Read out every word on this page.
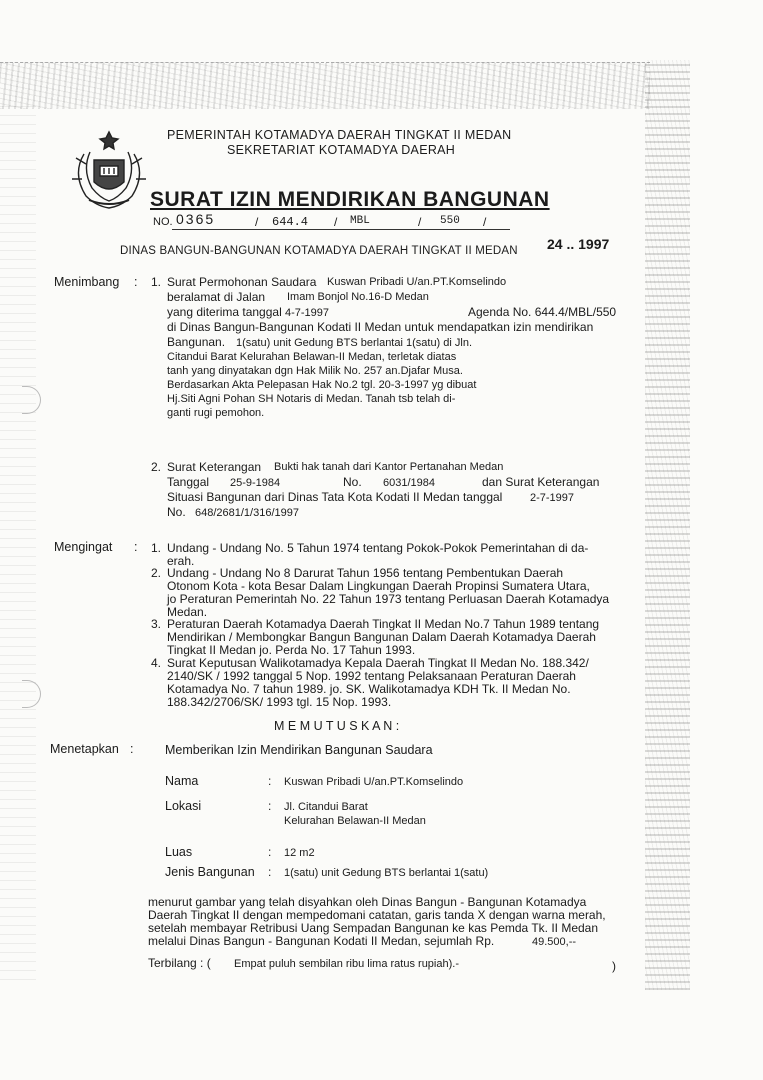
PEMERINTAH KOTAMADYA DAERAH TINGKAT II MEDAN
SEKRETARIAT KOTAMADYA DAERAH
SURAT IZIN MENDIRIKAN BANGUNAN
NO. 0365	/ 644.4 / MBL	/ 550 /
DINAS BANGUN-BANGUNAN KOTAMADYA DAERAH TINGKAT II MEDAN 24 .. 1997
Menimbang : 1. Surat Permohonan Saudara Kuswan Pribadi U/an.PT.Komselindo
beralamat di Jalan Imam Bonjol No.16-D Medan
yang diterima tanggal 4-7-1997	Agenda No. 644.4/MBL/550
di Dinas Bangun-Bangunan Kodati II Medan untuk mendapatkan izin mendirikan
Bangunan. 1(satu) unit Gedung BTS berlantai 1(satu) di Jln.
Citandui Barat Kelurahan Belawan-II Medan, terletak diatas
tanh yang dinyatakan dgn Hak Milik No. 257 an.Djafar Musa.
Berdasarkan Akta Pelepasan Hak No.2 tgl. 20-3-1997 yg dibuat
Hj.Siti Agni Pohan SH Notaris di Medan. Tanah tsb telah di-
ganti rugi pemohon.
2. Surat Keterangan Bukti hak tanah dari Kantor Pertanahan Medan
Tanggal 25-9-1984	No. 6031/1984	dan Surat Keterangan
Situasi Bangunan dari Dinas Tata Kota Kodati II Medan tanggal	2-7-1997
No. 648/2681/1/316/1997
Mengingat : 1. Undang - Undang No. 5 Tahun 1974 tentang Pokok-Pokok Pemerintahan di da-
erah.
2. Undang - Undang No 8 Darurat Tahun 1956 tentang Pembentukan Daerah
Otonom Kota - kota Besar Dalam Lingkungan Daerah Propinsi Sumatera Utara,
jo Peraturan Pemerintah No. 22 Tahun 1973 tentang Perluasan Daerah Kotamadya
Medan.
3. Peraturan Daerah Kotamadya Daerah Tingkat II Medan No.7 Tahun 1989 tentang
Mendirikan / Membongkar Bangun Bangunan Dalam Daerah Kotamadya Daerah
Tingkat II Medan jo. Perda No. 17 Tahun 1993.
4. Surat Keputusan Walikotamadya Kepala Daerah Tingkat II Medan No. 188.342/
2140/SK / 1992 tanggal 5 Nop. 1992 tentang Pelaksanaan Peraturan Daerah
Kotamadya No. 7 tahun 1989. jo. SK. Walikotamadya KDH Tk. II Medan No.
188.342/2706/SK/ 1993 tgl. 15 Nop. 1993.
M E M U T U S K A N :
Menetapkan :	Memberikan Izin Mendirikan Bangunan Saudara
Nama	: Kuswan Pribadi U/an.PT.Komselindo
Lokasi	: Jl. Citandui Barat
Kelurahan Belawan-II Medan
Luas	: 12 m2
Jenis Bangunan : 1(satu) unit Gedung BTS berlantai 1(satu)
menurut gambar yang telah disyahkan oleh Dinas Bangun - Bangunan Kotamadya
Daerah Tingkat II dengan mempedomani catatan, garis tanda X dengan warna merah,
setelah membayar Retribusi Uang Sempadan Bangunan ke kas Pemda Tk. II Medan
melalui Dinas Bangun - Bangunan Kodati II Medan, sejumlah Rp.	49.500,--
Terbilang : ( Empat puluh sembilan ribu lima ratus rupiah).-	)
